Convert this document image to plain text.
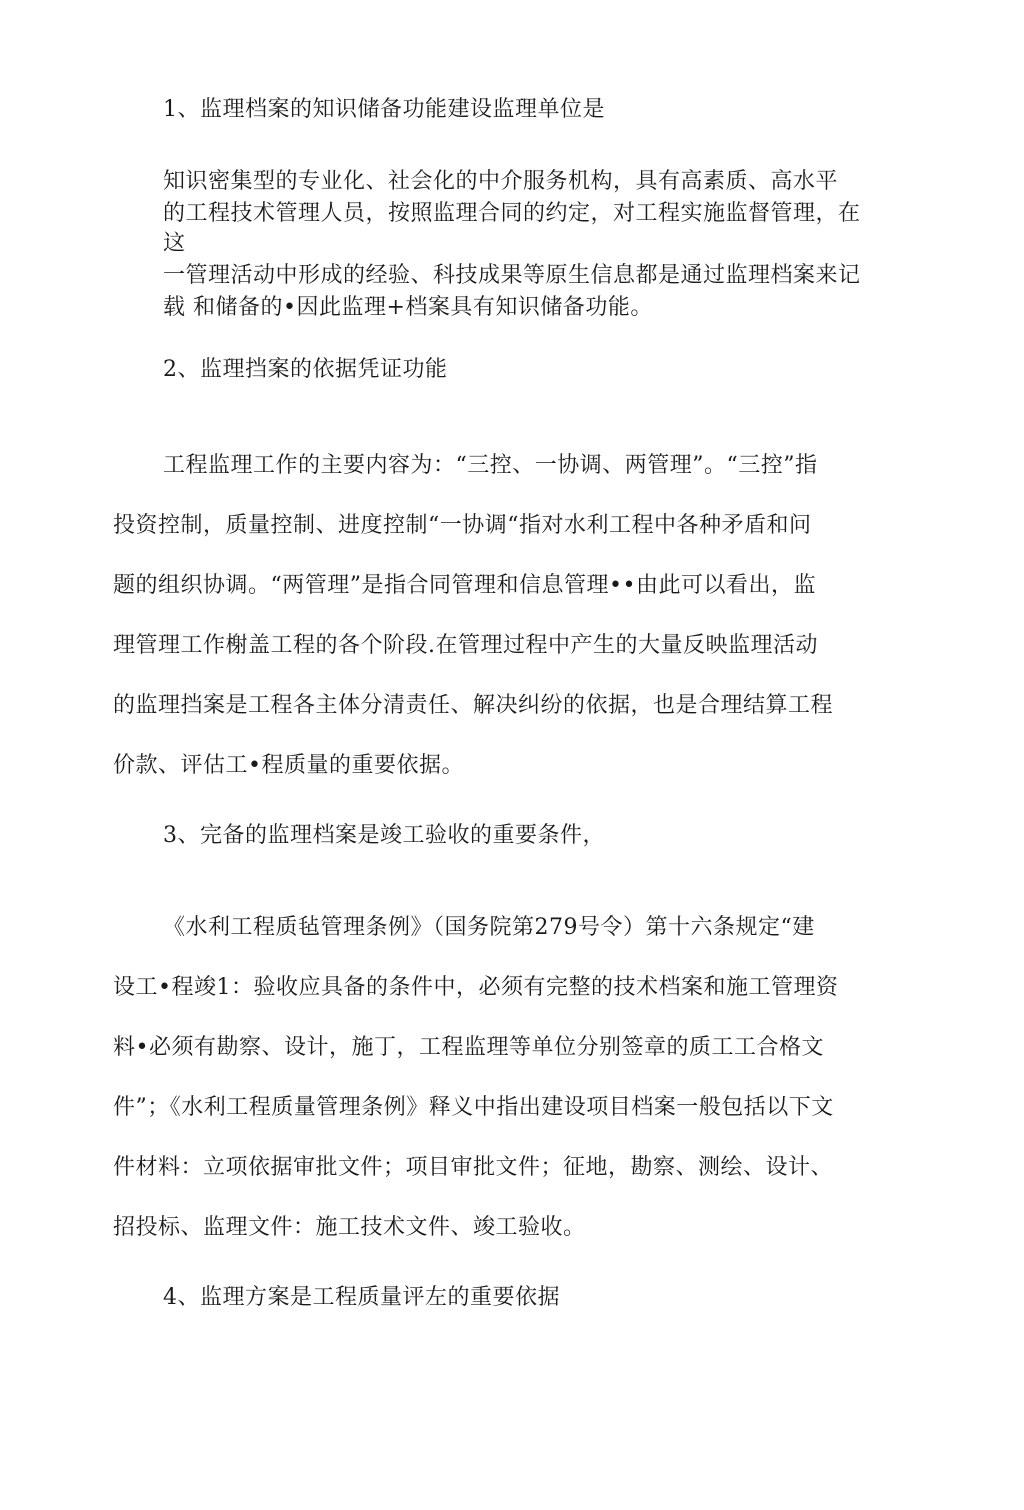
1、监理档案的知识储备功能建设监理单位是
知识密集型的专业化、社会化的中介服务机构，具有高素质、高水平
的工程技术管理人员，按照监理合同的约定，对工程实施监督管理，在
这
一管理活动中形成的经验、科技成果等原生信息都是通过监理档案来记
载 和储备的•因此监理+档案具有知识储备功能。
2、监理挡案的依据凭证功能
工程监理工作的主要内容为：“三控、一协调、两管理”。“三控”指
投资控制，质量控制、进度控制“一协调“指对水利工程中各种矛盾和问
题的组织协调。“两管理”是指合同管理和信息管理••由此可以看出，监
理管理工作榭盖工程的各个阶段.在管理过程中产生的大量反映监理活动
的监理挡案是工程各主体分清责任、解决纠纷的依据，也是合理结算工程
价款、评估工•程质量的重要依据。
3、完备的监理档案是竣工验收的重要条件，
《水利工程质毡管理条例》（国务院第279号令）第十六条规定“建
设工•程竣1：验收应具备的条件中，必须有完整的技术档案和施工管理资
料•必须有勘察、设计，施丁，工程监理等单位分别签章的质工工合格文
件”；《水利工程质量管理条例》释义中指出建设项目档案一般包括以下文
件材料：立项依据审批文件；项目审批文件；征地，勘察、测绘、设计、
招投标、监理文件：施工技术文件、竣工验收。
4、监理方案是工程质量评左的重要依据
